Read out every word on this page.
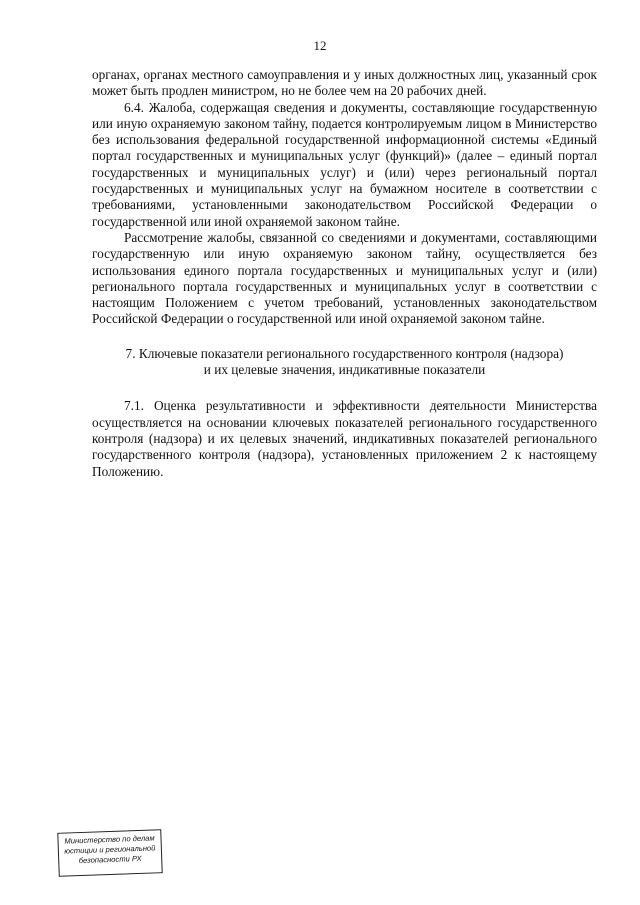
12

органах, органах местного самоуправления и у иных должностных лиц, указанный срок может быть продлен министром, но не более чем на 20 рабочих дней.

6.4. Жалоба, содержащая сведения и документы, составляющие государственную или иную охраняемую законом тайну, подается контролируемым лицом в Министерство без использования федеральной государственной информационной системы «Единый портал государственных и муниципальных услуг (функций)» (далее – единый портал государственных и муниципальных услуг) и (или) через региональный портал государственных и муниципальных услуг на бумажном носителе в соответствии с требованиями, установленными законодательством Российской Федерации о государственной или иной охраняемой законом тайне.

Рассмотрение жалобы, связанной со сведениями и документами, составляющими государственную или иную охраняемую законом тайну, осуществляется без использования единого портала государственных и муниципальных услуг и (или) регионального портала государственных и муниципальных услуг в соответствии с настоящим Положением с учетом требований, установленных законодательством Российской Федерации о государственной или иной охраняемой законом тайне.

7. Ключевые показатели регионального государственного контроля (надзора)
и их целевые значения, индикативные показатели

7.1. Оценка результативности и эффективности деятельности Министерства осуществляется на основании ключевых показателей регионального государственного контроля (надзора) и их целевых значений, индикативных показателей регионального государственного контроля (надзора), установленных приложением 2 к настоящему Положению.

Министерство по делам
юстиции и региональной
безопасности РХ
